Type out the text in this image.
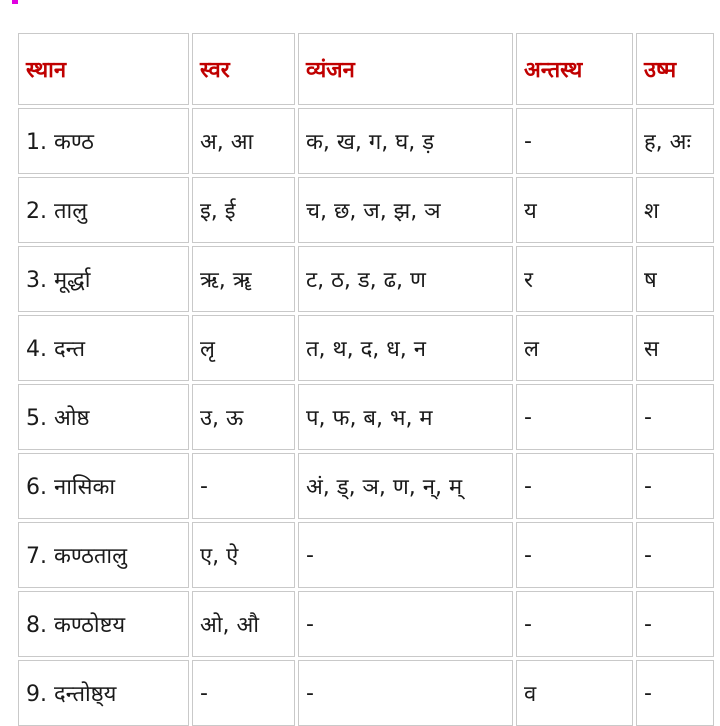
स्थान	स्वर	व्यंजन	अन्तस्थ	उष्म
1. कण्ठ	अ, आ	क, ख, ग, घ, ड़	-	ह, अः
2. तालु	इ, ई	च, छ, ज, झ, ञ	य	श
3. मूर्द्धा	ऋ, ॠ	ट, ठ, ड, ढ, ण	र	ष
4. दन्त	लृ	त, थ, द, ध, न	ल	स
5. ओष्ठ	उ, ऊ	प, फ, ब, भ, म	-	-
6. नासिका	-	अं, ड्, ञ, ण, न्, म्	-	-
7. कण्ठतालु	ए, ऐ	-	-	-
8. कण्ठोष्टय	ओ, औ	-	-	-
9. दन्तोष्ठ्य	-	-	व	-
